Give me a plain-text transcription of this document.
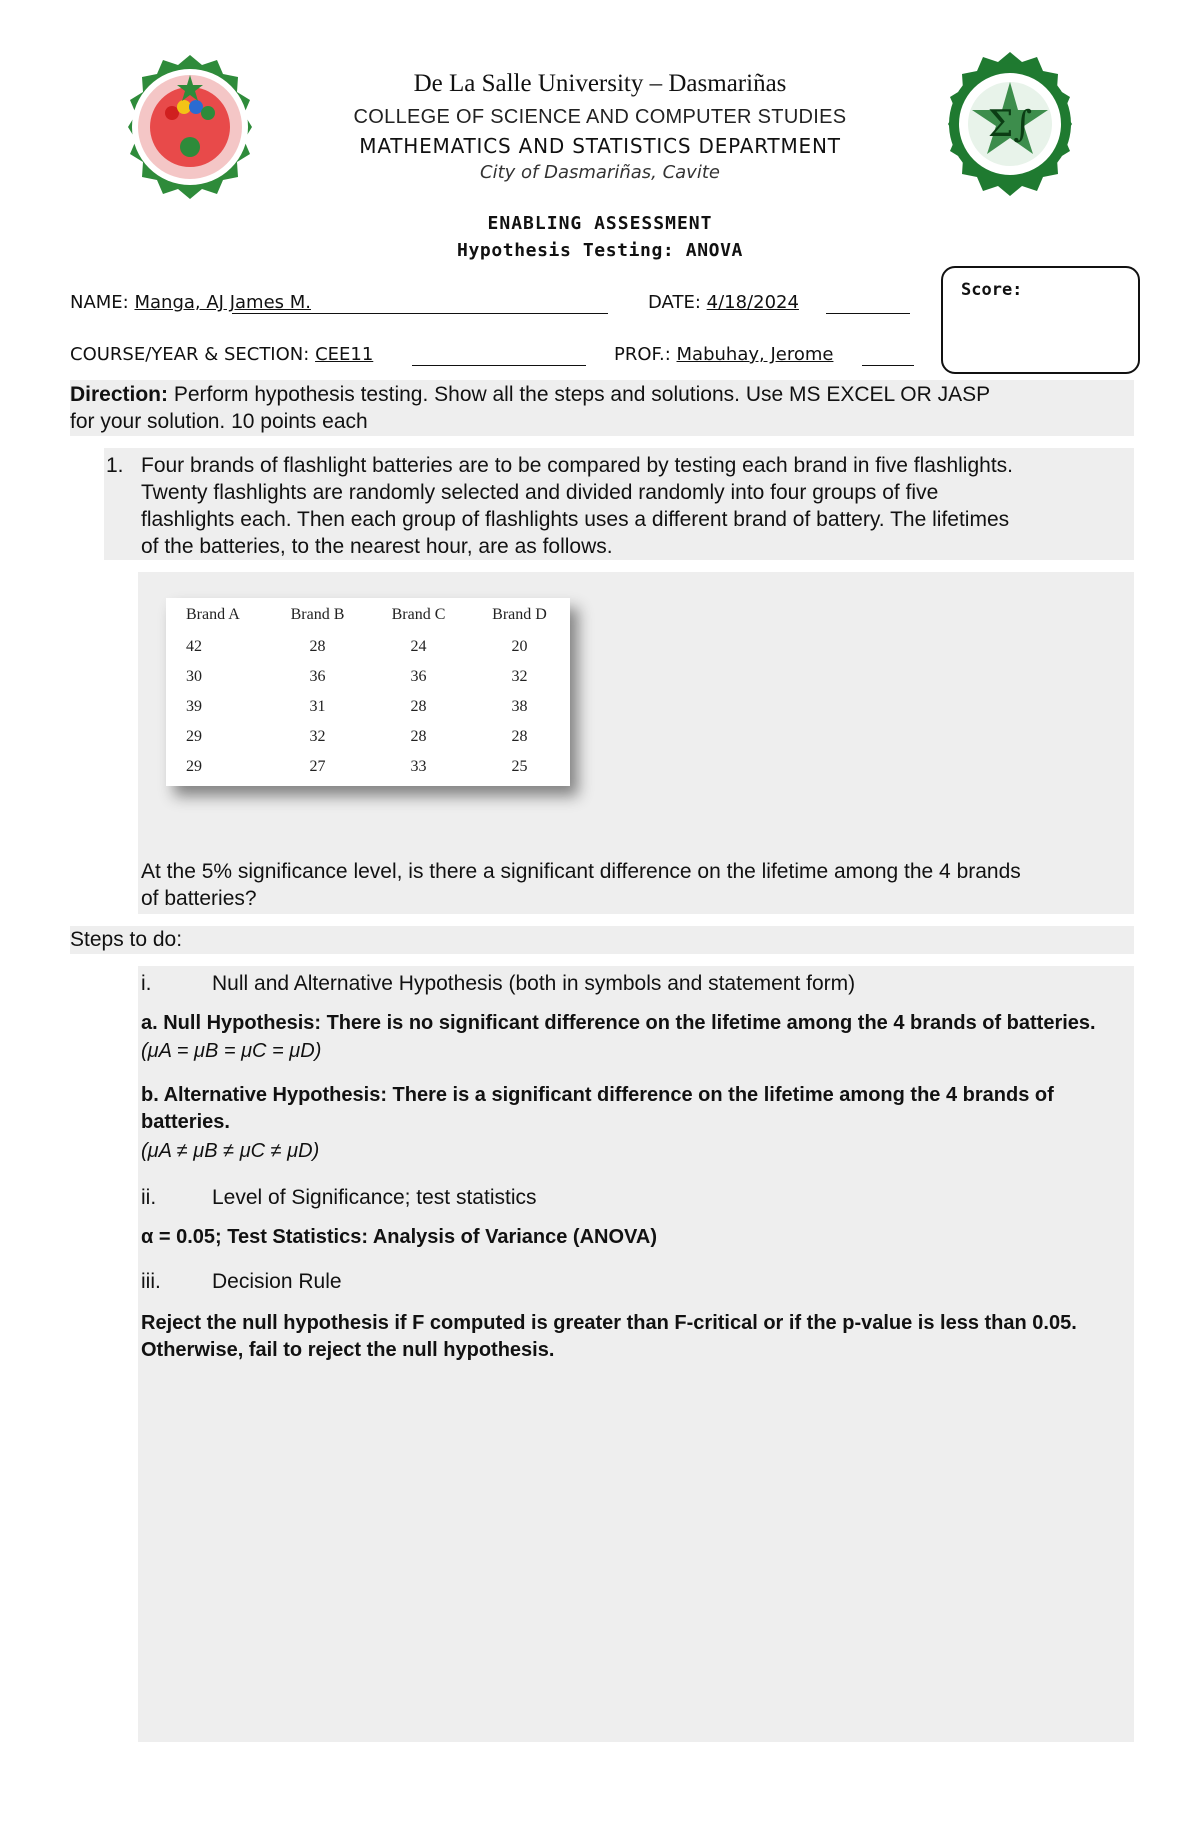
Σ∫
De La Salle University – Dasmariñas
COLLEGE OF SCIENCE AND COMPUTER STUDIES
MATHEMATICS AND STATISTICS DEPARTMENT
City of Dasmariñas, Cavite
ENABLING ASSESSMENT
Hypothesis Testing: ANOVA
NAME: Manga, AJ James M.	DATE: 4/18/2024
COURSE/YEAR & SECTION: CEE11	PROF.: Mabuhay, Jerome
Score:
Direction: Perform hypothesis testing. Show all the steps and solutions. Use MS EXCEL OR JASP
for your solution. 10 points each
1. Four brands of flashlight batteries are to be compared by testing each brand in five flashlights.
Twenty flashlights are randomly selected and divided randomly into four groups of five
flashlights each. Then each group of flashlights uses a different brand of battery. The lifetimes
of the batteries, to the nearest hour, are as follows.
Brand A	Brand B	Brand C	Brand D
42	28	24	20
30	36	36	32
39	31	28	38
29	32	28	28
29	27	33	25
At the 5% significance level, is there a significant difference on the lifetime among the 4 brands
of batteries?
Steps to do:
i.	Null and Alternative Hypothesis (both in symbols and statement form)
a. Null Hypothesis: There is no significant difference on the lifetime among the 4 brands of batteries.
(μA = μB = μC = μD)
b. Alternative Hypothesis: There is a significant difference on the lifetime among the 4 brands of
batteries.
(μA ≠ μB ≠ μC ≠ μD)
ii.	Level of Significance; test statistics
α = 0.05; Test Statistics: Analysis of Variance (ANOVA)
iii. Decision Rule
Reject the null hypothesis if F computed is greater than F-critical or if the p-value is less than 0.05.
Otherwise, fail to reject the null hypothesis.
